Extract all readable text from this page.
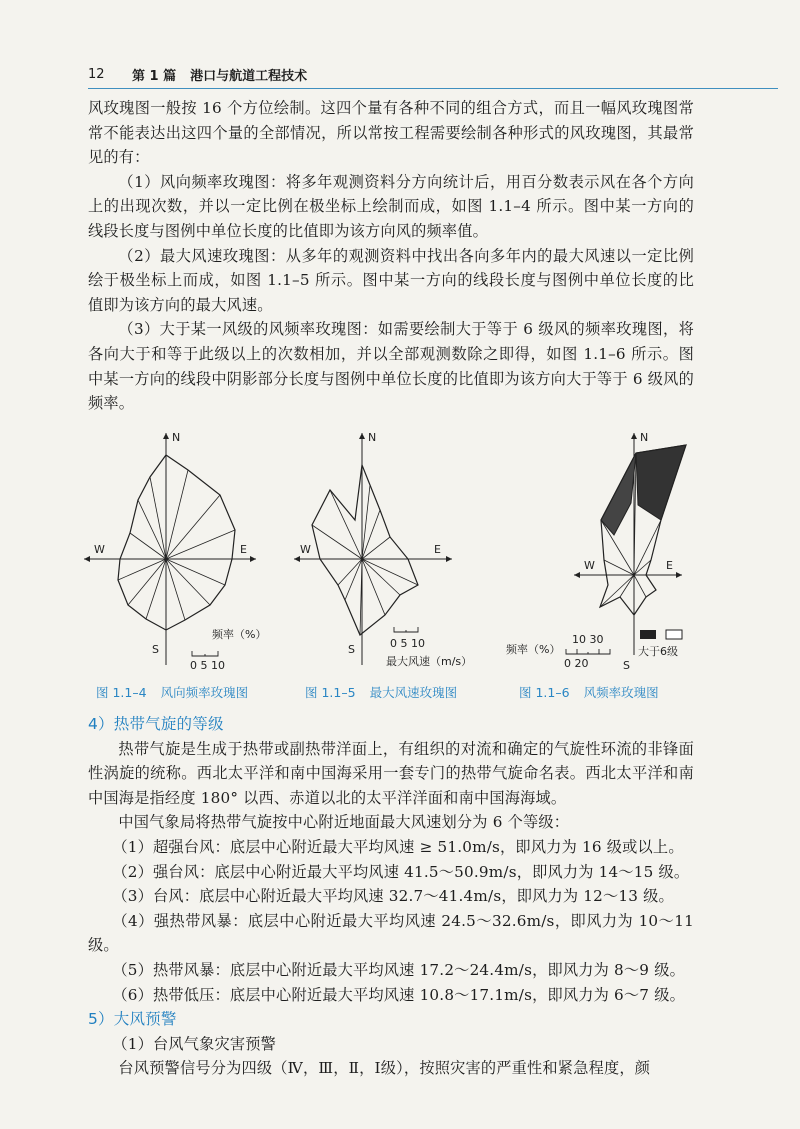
12	第 1 篇 港口与航道工程技术

风玫瑰图一般按 16 个方位绘制。这四个量有各种不同的组合方式，而且一幅风玫瑰图常常不能表达出这四个量的全部情况，所以常按工程需要绘制各种形式的风玫瑰图，其最常见的有：

（1）风向频率玫瑰图：将多年观测资料分方向统计后，用百分数表示风在各个方向上的出现次数，并以一定比例在极坐标上绘制而成，如图 1.1–4 所示。图中某一方向的线段长度与图例中单位长度的比值即为该方向风的频率值。

（2）最大风速玫瑰图：从多年的观测资料中找出各向多年内的最大风速以一定比例绘于极坐标上而成，如图 1.1–5 所示。图中某一方向的线段长度与图例中单位长度的比值即为该方向的最大风速。

（3）大于某一风级的风频率玫瑰图：如需要绘制大于等于 6 级风的频率玫瑰图，将各向大于和等于此级以上的次数相加，并以全部观测数除之即得，如图 1.1–6 所示。图中某一方向的线段中阴影部分长度与图例中单位长度的比值即为该方向大于等于 6 级风的频率。

N
W	E
S
频率（%）
0 5 10
N
W	E
S	0 5 10
最大风速（m/s）
N
W	E
S
频率（%）
10 30
0 20
大于6级
图 1.1–4 风向频率玫瑰图	图 1.1–5 最大风速玫瑰图	图 1.1–6 风频率玫瑰图
4）热带气旋的等级

热带气旋是生成于热带或副热带洋面上，有组织的对流和确定的气旋性环流的非锋面性涡旋的统称。西北太平洋和南中国海采用一套专门的热带气旋命名表。西北太平洋和南中国海是指经度 180° 以西、赤道以北的太平洋洋面和南中国海海域。

中国气象局将热带气旋按中心附近地面最大风速划分为 6 个等级：

（1）超强台风：底层中心附近最大平均风速 ≥ 51.0m/s，即风力为 16 级或以上。

（2）强台风：底层中心附近最大平均风速 41.5～50.9m/s，即风力为 14～15 级。

（3）台风：底层中心附近最大平均风速 32.7～41.4m/s，即风力为 12～13 级。

（4）强热带风暴：底层中心附近最大平均风速 24.5～32.6m/s，即风力为 10～11 级。

（5）热带风暴：底层中心附近最大平均风速 17.2～24.4m/s，即风力为 8～9 级。

（6）热带低压：底层中心附近最大平均风速 10.8～17.1m/s，即风力为 6～7 级。

5）大风预警

（1）台风气象灾害预警

台风预警信号分为四级（Ⅳ，Ⅲ，Ⅱ，Ⅰ级），按照灾害的严重性和紧急程度，颜
